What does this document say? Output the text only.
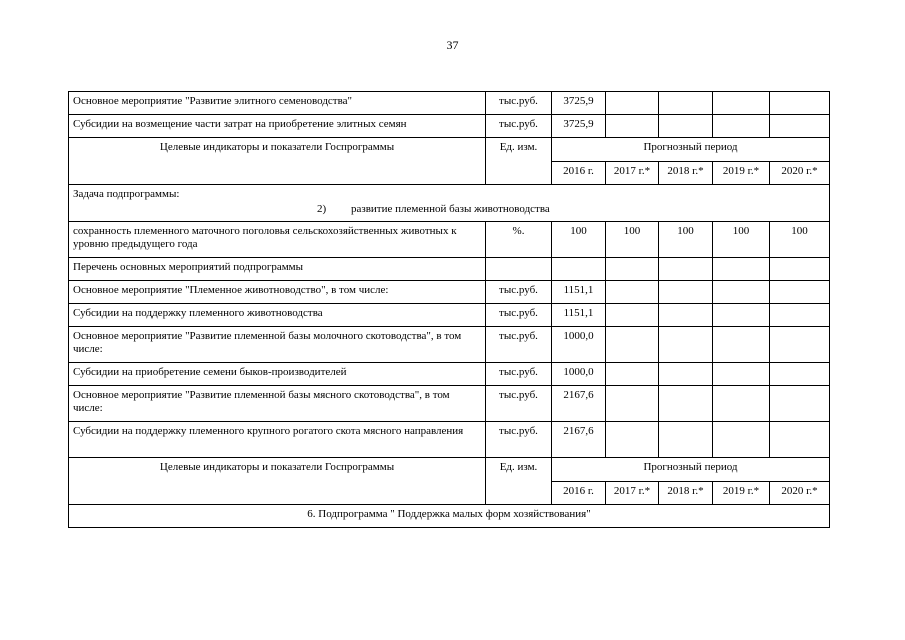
37
Основное мероприятие "Развитие элитного семеноводства"	тыс.руб.	3725,9				
Субсидии на возмещение части затрат на приобретение элитных семян	тыс.руб.	3725,9				
Целевые индикаторы и показатели Госпрограммы	Ед. изм.	Прогнозный период				
		2016 г.	2017 г.*	2018 г.*	2019 г.*	2020 г.*

Задача подпрограммы:
2) развитие племенной базы животноводства						

сохранность племенного маточного поголовья сельскохозяйственных животных к уровню предыдущего года	%.	100	100	100	100	100
Перечень основных мероприятий подпрограммы						
Основное мероприятие "Племенное животноводство", в том числе:	тыс.руб.	1151,1				
Субсидии на поддержку племенного животноводства	тыс.руб.	1151,1				
Основное мероприятие "Развитие племенной базы молочного скотоводства", в том числе:	тыс.руб.	1000,0				
Субсидии на приобретение семени быков-производителей	тыс.руб.	1000,0				
Основное мероприятие "Развитие племенной базы мясного скотоводства", в том числе:	тыс.руб.	2167,6				
Субсидии на поддержку племенного крупного рогатого скота мясного направления	тыс.руб.	2167,6				
Целевые индикаторы и показатели Госпрограммы	Ед. изм.	Прогнозный период				
		2016 г.	2017 г.*	2018 г.*	2019 г.*	2020 г.*
6. Подпрограмма " Поддержка малых форм хозяйствования"						
